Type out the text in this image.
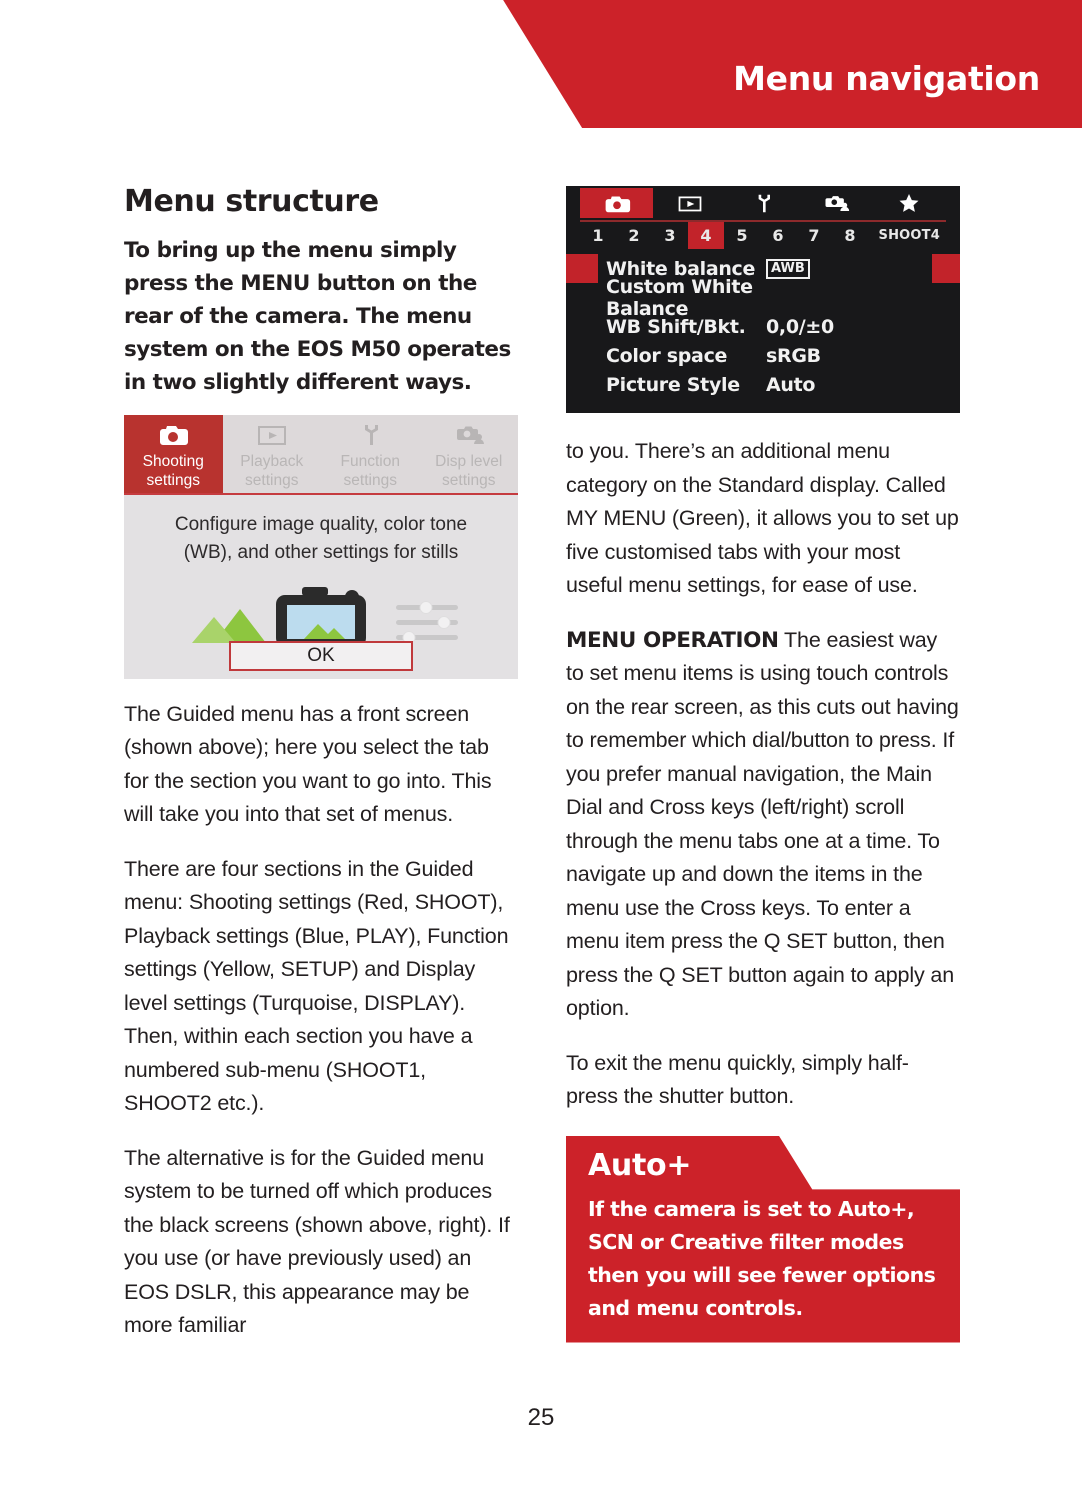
Menu navigation
Menu structure

To bring up the menu simply press the MENU button on the rear of the camera. The menu system on the EOS M50 operates in two slightly different ways.

Shooting
settings
Playback
settings
Function
settings
Disp level
settings
Configure image quality, color tone
(WB), and other settings for stills
OK

The Guided menu has a front screen (shown above); here you select the tab for the section you want to go into. This will take you into that set of menus.

There are four sections in the Guided menu: Shooting settings (Red, SHOOT), Playback settings (Blue, PLAY), Function settings (Yellow, SETUP) and Display level settings (Turquoise, DISPLAY). Then, within each section you have a numbered sub-menu (SHOOT1, SHOOT2 etc.).

The alternative is for the Guided menu system to be turned off which produces the black screens (shown above, right). If you use (or have previously used) an EOS DSLR, this appearance may be more familiar

1	2	3	4	5	6	7	8	SHOOT4
White balance	AWB
Custom White Balance
WB Shift/Bkt.	0,0/±0
Color space	sRGB
Picture Style	Auto

to you. There’s an additional menu category on the Standard display. Called MY MENU (Green), it allows you to set up five customised tabs with your most useful menu settings, for ease of use.

MENU OPERATION The easiest way to set menu items is using touch controls on the rear screen, as this cuts out having to remember which dial/button to press. If you prefer manual navigation, the Main Dial and Cross keys (left/right) scroll through the menu tabs one at a time. To navigate up and down the items in the menu use the Cross keys. To enter a menu item press the Q SET button, then press the Q SET button again to apply an option.

To exit the menu quickly, simply half-press the shutter button.

Auto+
If the camera is set to Auto+, SCN or Creative filter modes then you will see fewer options and menu controls.
25
